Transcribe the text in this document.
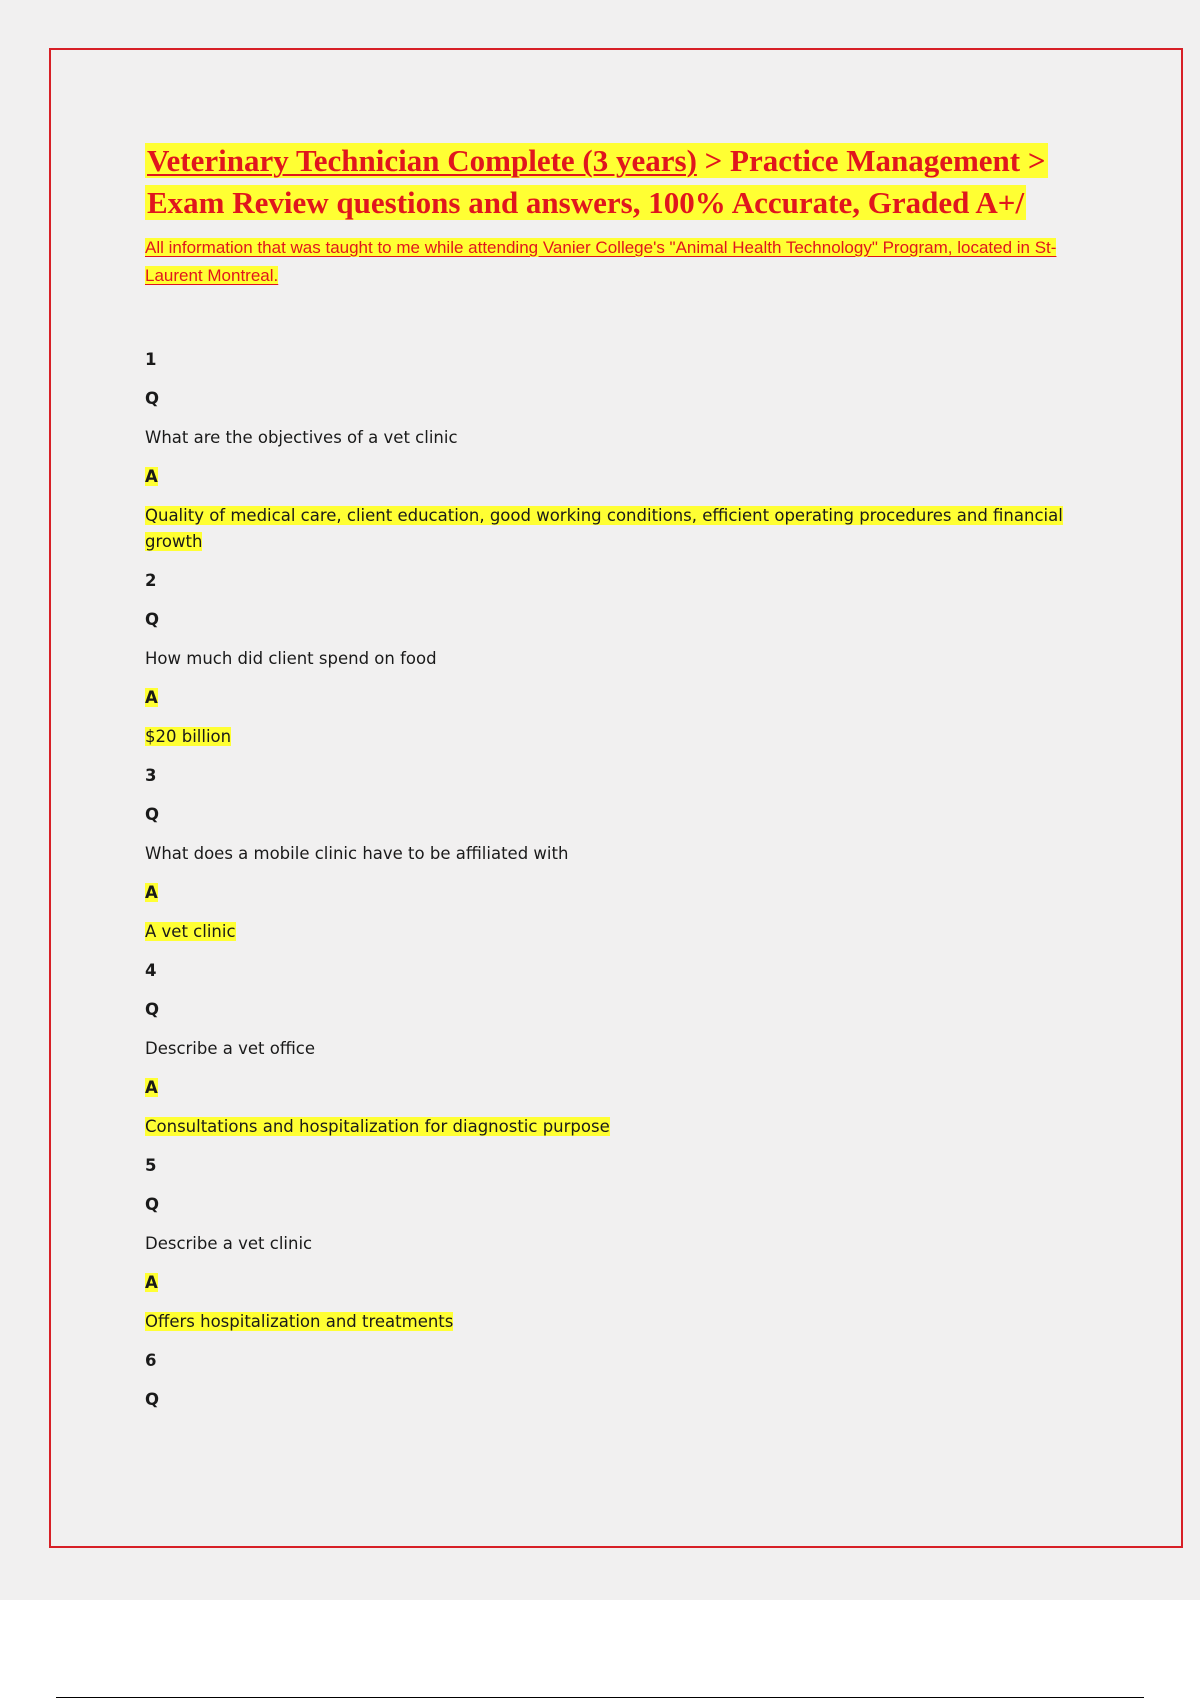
Veterinary Technician Complete (3 years) > Practice Management > Exam Review questions and answers, 100% Accurate, Graded A+/

All information that was taught to me while attending Vanier College's "Animal Health Technology" Program, located in St-Laurent Montreal.

1

Q

What are the objectives of a vet clinic

A

Quality of medical care, client education, good working conditions, efficient operating procedures and financial growth

2

Q

How much did client spend on food

A

$20 billion

3

Q

What does a mobile clinic have to be affiliated with

A

A vet clinic

4

Q

Describe a vet office

A

Consultations and hospitalization for diagnostic purpose

5

Q

Describe a vet clinic

A

Offers hospitalization and treatments

6

Q
